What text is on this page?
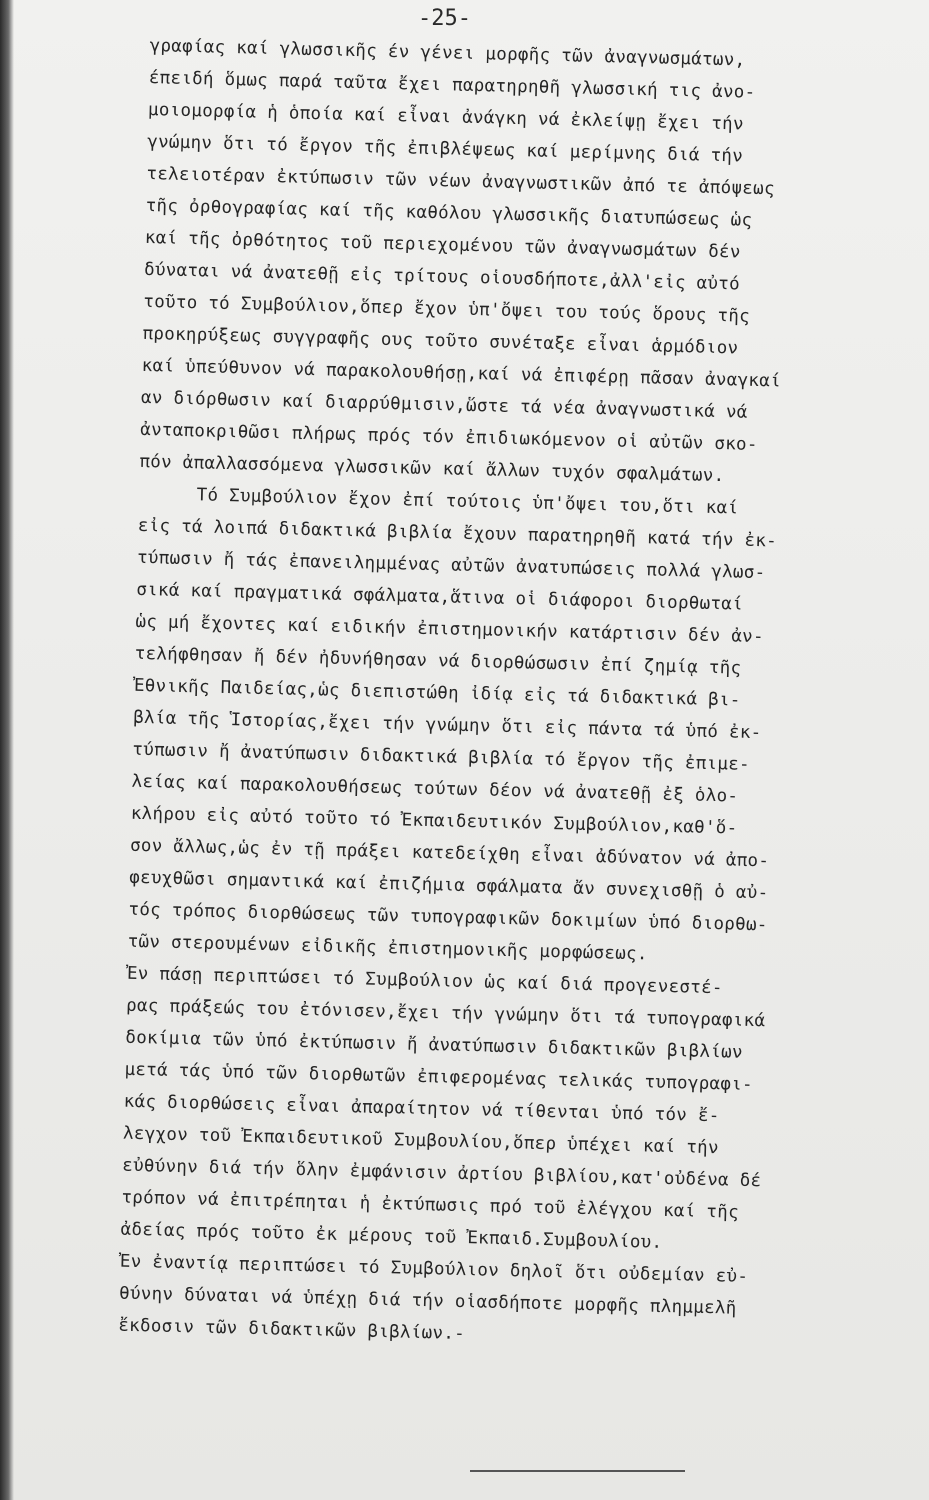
-25-
γραφίας καί γλωσσικῆς έν γένει μορφῆς τῶν ἀναγνωσμάτων,
έπειδή ὅμως παρά ταῦτα ἔχει παρατηρηθῆ γλωσσική τις ἀνο-
μοιομορφία ἡ ὁποία καί εἶναι ἀνάγκη νά ἐκλείψῃ ἔχει τήν
γνώμην ὅτι τό ἔργον τῆς ἐπιβλέψεως καί μερίμνης διά τήν
τελειοτέραν ἐκτύπωσιν τῶν νέων ἀναγνωστικῶν ἀπό τε ἀπόψεως
τῆς ὀρθογραφίας καί τῆς καθόλου γλωσσικῆς διατυπώσεως ὡς
καί τῆς ὀρθότητος τοῦ περιεχομένου τῶν ἀναγνωσμάτων δέν
δύναται νά ἀνατεθῇ εἰς τρίτους οἱουσδήποτε,ἀλλ'εἰς αὐτό
τοῦτο τό Συμβούλιον,ὅπερ ἔχον ὑπ'ὄψει του τούς ὅρους τῆς
προκηρύξεως συγγραφῆς ους τοῦτο συνέταξε εἶναι ἁρμόδιον
καί ὑπεύθυνον νά παρακολουθήσῃ,καί νά ἐπιφέρῃ πᾶσαν ἀναγκαί
αν διόρθωσιν καί διαρρύθμισιν,ὥστε τά νέα ἀναγνωστικά νά
ἀνταποκριθῶσι πλήρως πρός τόν ἐπιδιωκόμενον οἱ αὐτῶν σκο-
πόν ἀπαλλασσόμενα γλωσσικῶν καί ἄλλων τυχόν σφαλμάτων.
Τό Συμβούλιον ἔχον ἐπί τούτοις ὑπ'ὄψει του,ὅτι καί
εἰς τά λοιπά διδακτικά βιβλία ἔχουν παρατηρηθῆ κατά τήν ἐκ-
τύπωσιν ἤ τάς ἐπανειλημμένας αὐτῶν ἀνατυπώσεις πολλά γλωσ-
σικά καί πραγματικά σφάλματα,ἅτινα οἱ διάφοροι διορθωταί
ὡς μή ἔχοντες καί ειδικήν ἐπιστημονικήν κατάρτισιν δέν ἀν-
τελήφθησαν ἤ δέν ἠδυνήθησαν νά διορθώσωσιν ἐπί ζημίᾳ τῆς
Ἐθνικῆς Παιδείας,ὡς διεπιστώθη ἰδίᾳ εἰς τά διδακτικά βι-
βλία τῆς Ἱστορίας,ἔχει τήν γνώμην ὅτι εἰς πάντα τά ὑπό ἐκ-
τύπωσιν ἤ ἀνατύπωσιν διδακτικά βιβλία τό ἔργον τῆς ἐπιμε-
λείας καί παρακολουθήσεως τούτων δέον νά ἀνατεθῇ ἐξ ὁλο-
κλήρου εἰς αὐτό τοῦτο τό Ἐκπαιδευτικόν Συμβούλιον,καθ'ὅ-
σον ἄλλως,ὡς ἐν τῇ πράξει κατεδείχθη εἶναι ἀδύνατον νά ἀπο-
φευχθῶσι σημαντικά καί ἐπιζήμια σφάλματα ἄν συνεχισθῇ ὁ αὐ-
τός τρόπος διορθώσεως τῶν τυπογραφικῶν δοκιμίων ὑπό διορθω-
τῶν στερουμένων εἰδικῆς ἐπιστημονικῆς μορφώσεως.
Ἐν πάσῃ περιπτώσει τό Συμβούλιον ὡς καί διά προγενεστέ-
ρας πράξεώς του ἐτόνισεν,ἔχει τήν γνώμην ὅτι τά τυπογραφικά
δοκίμια τῶν ὑπό ἐκτύπωσιν ἤ ἀνατύπωσιν διδακτικῶν βιβλίων
μετά τάς ὑπό τῶν διορθωτῶν ἐπιφερομένας τελικάς τυπογραφι-
κάς διορθώσεις εἶναι ἀπαραίτητον νά τίθενται ὑπό τόν ἔ-
λεγχον τοῦ Ἐκπαιδευτικοῦ Συμβουλίου,ὅπερ ὑπέχει καί τήν
εὐθύνην διά τήν ὅλην ἐμφάνισιν ἀρτίου βιβλίου,κατ'οὐδένα δέ
τρόπον νά ἐπιτρέπηται ἡ ἐκτύπωσις πρό τοῦ ἐλέγχου καί τῆς
ἀδείας πρός τοῦτο ἐκ μέρους τοῦ Ἐκπαιδ.Συμβουλίου.
Ἐν ἐναντίᾳ περιπτώσει τό Συμβούλιον δηλοῖ ὅτι οὐδεμίαν εὐ-
θύνην δύναται νά ὑπέχῃ διά τήν οἱασδήποτε μορφῆς πλημμελῆ
ἔκδοσιν τῶν διδακτικῶν βιβλίων.-
